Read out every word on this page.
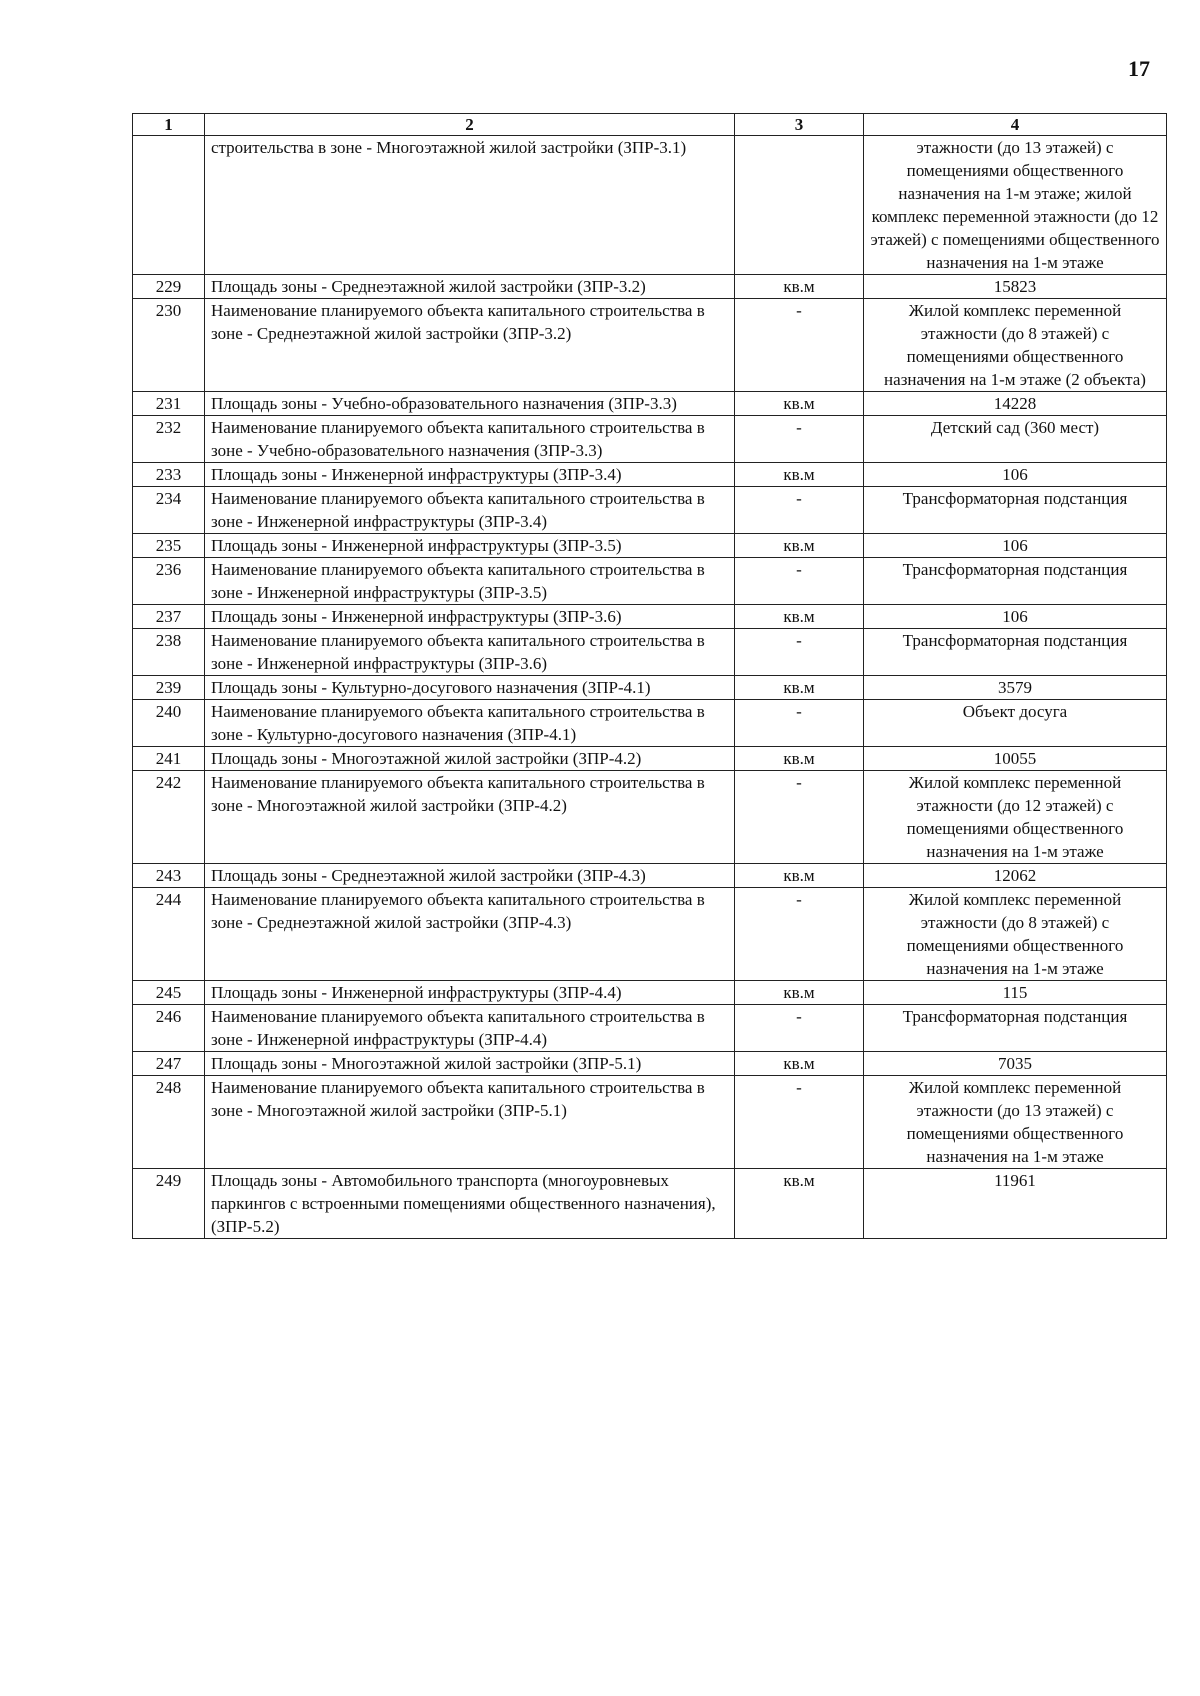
17
1	2	3	4
	строительства в зоне - Многоэтажной жилой застройки (ЗПР-3.1)		этажности (до 13 этажей) с помещениями общественного назначения на 1-м этаже; жилой комплекс переменной этажности (до 12 этажей) с помещениями общественного назначения на 1-м этаже
229	Площадь зоны - Среднеэтажной жилой застройки (ЗПР-3.2)	кв.м	15823
230	Наименование планируемого объекта капитального строительства в зоне - Среднеэтажной жилой застройки (ЗПР-3.2)	-	Жилой комплекс переменной этажности (до 8 этажей) с помещениями общественного назначения на 1-м этаже (2 объекта)
231	Площадь зоны - Учебно-образовательного назначения (ЗПР-3.3)	кв.м	14228
232	Наименование планируемого объекта капитального строительства в зоне - Учебно-образовательного назначения (ЗПР-3.3)	-	Детский сад (360 мест)
233	Площадь зоны - Инженерной инфраструктуры (ЗПР-3.4)	кв.м	106
234	Наименование планируемого объекта капитального строительства в зоне - Инженерной инфраструктуры (ЗПР-3.4)	-	Трансформаторная подстанция
235	Площадь зоны - Инженерной инфраструктуры (ЗПР-3.5)	кв.м	106
236	Наименование планируемого объекта капитального строительства в зоне - Инженерной инфраструктуры (ЗПР-3.5)	-	Трансформаторная подстанция
237	Площадь зоны - Инженерной инфраструктуры (ЗПР-3.6)	кв.м	106
238	Наименование планируемого объекта капитального строительства в зоне - Инженерной инфраструктуры (ЗПР-3.6)	-	Трансформаторная подстанция
239	Площадь зоны - Культурно-досугового назначения (ЗПР-4.1)	кв.м	3579
240	Наименование планируемого объекта капитального строительства в зоне - Культурно-досугового назначения (ЗПР-4.1)	-	Объект досуга
241	Площадь зоны - Многоэтажной жилой застройки (ЗПР-4.2)	кв.м	10055
242	Наименование планируемого объекта капитального строительства в зоне - Многоэтажной жилой застройки (ЗПР-4.2)	-	Жилой комплекс переменной этажности (до 12 этажей) с помещениями общественного назначения на 1-м этаже
243	Площадь зоны - Среднеэтажной жилой застройки (ЗПР-4.3)	кв.м	12062
244	Наименование планируемого объекта капитального строительства в зоне - Среднеэтажной жилой застройки (ЗПР-4.3)	-	Жилой комплекс переменной этажности (до 8 этажей) с помещениями общественного назначения на 1-м этаже
245	Площадь зоны - Инженерной инфраструктуры (ЗПР-4.4)	кв.м	115
246	Наименование планируемого объекта капитального строительства в зоне - Инженерной инфраструктуры (ЗПР-4.4)	-	Трансформаторная подстанция
247	Площадь зоны - Многоэтажной жилой застройки (ЗПР-5.1)	кв.м	7035
248	Наименование планируемого объекта капитального строительства в зоне - Многоэтажной жилой застройки (ЗПР-5.1)	-	Жилой комплекс переменной этажности (до 13 этажей) с помещениями общественного назначения на 1-м этаже
249	Площадь зоны - Автомобильного транспорта (многоуровневых паркингов с встроенными помещениями общественного назначения), (ЗПР-5.2)	кв.м	11961
